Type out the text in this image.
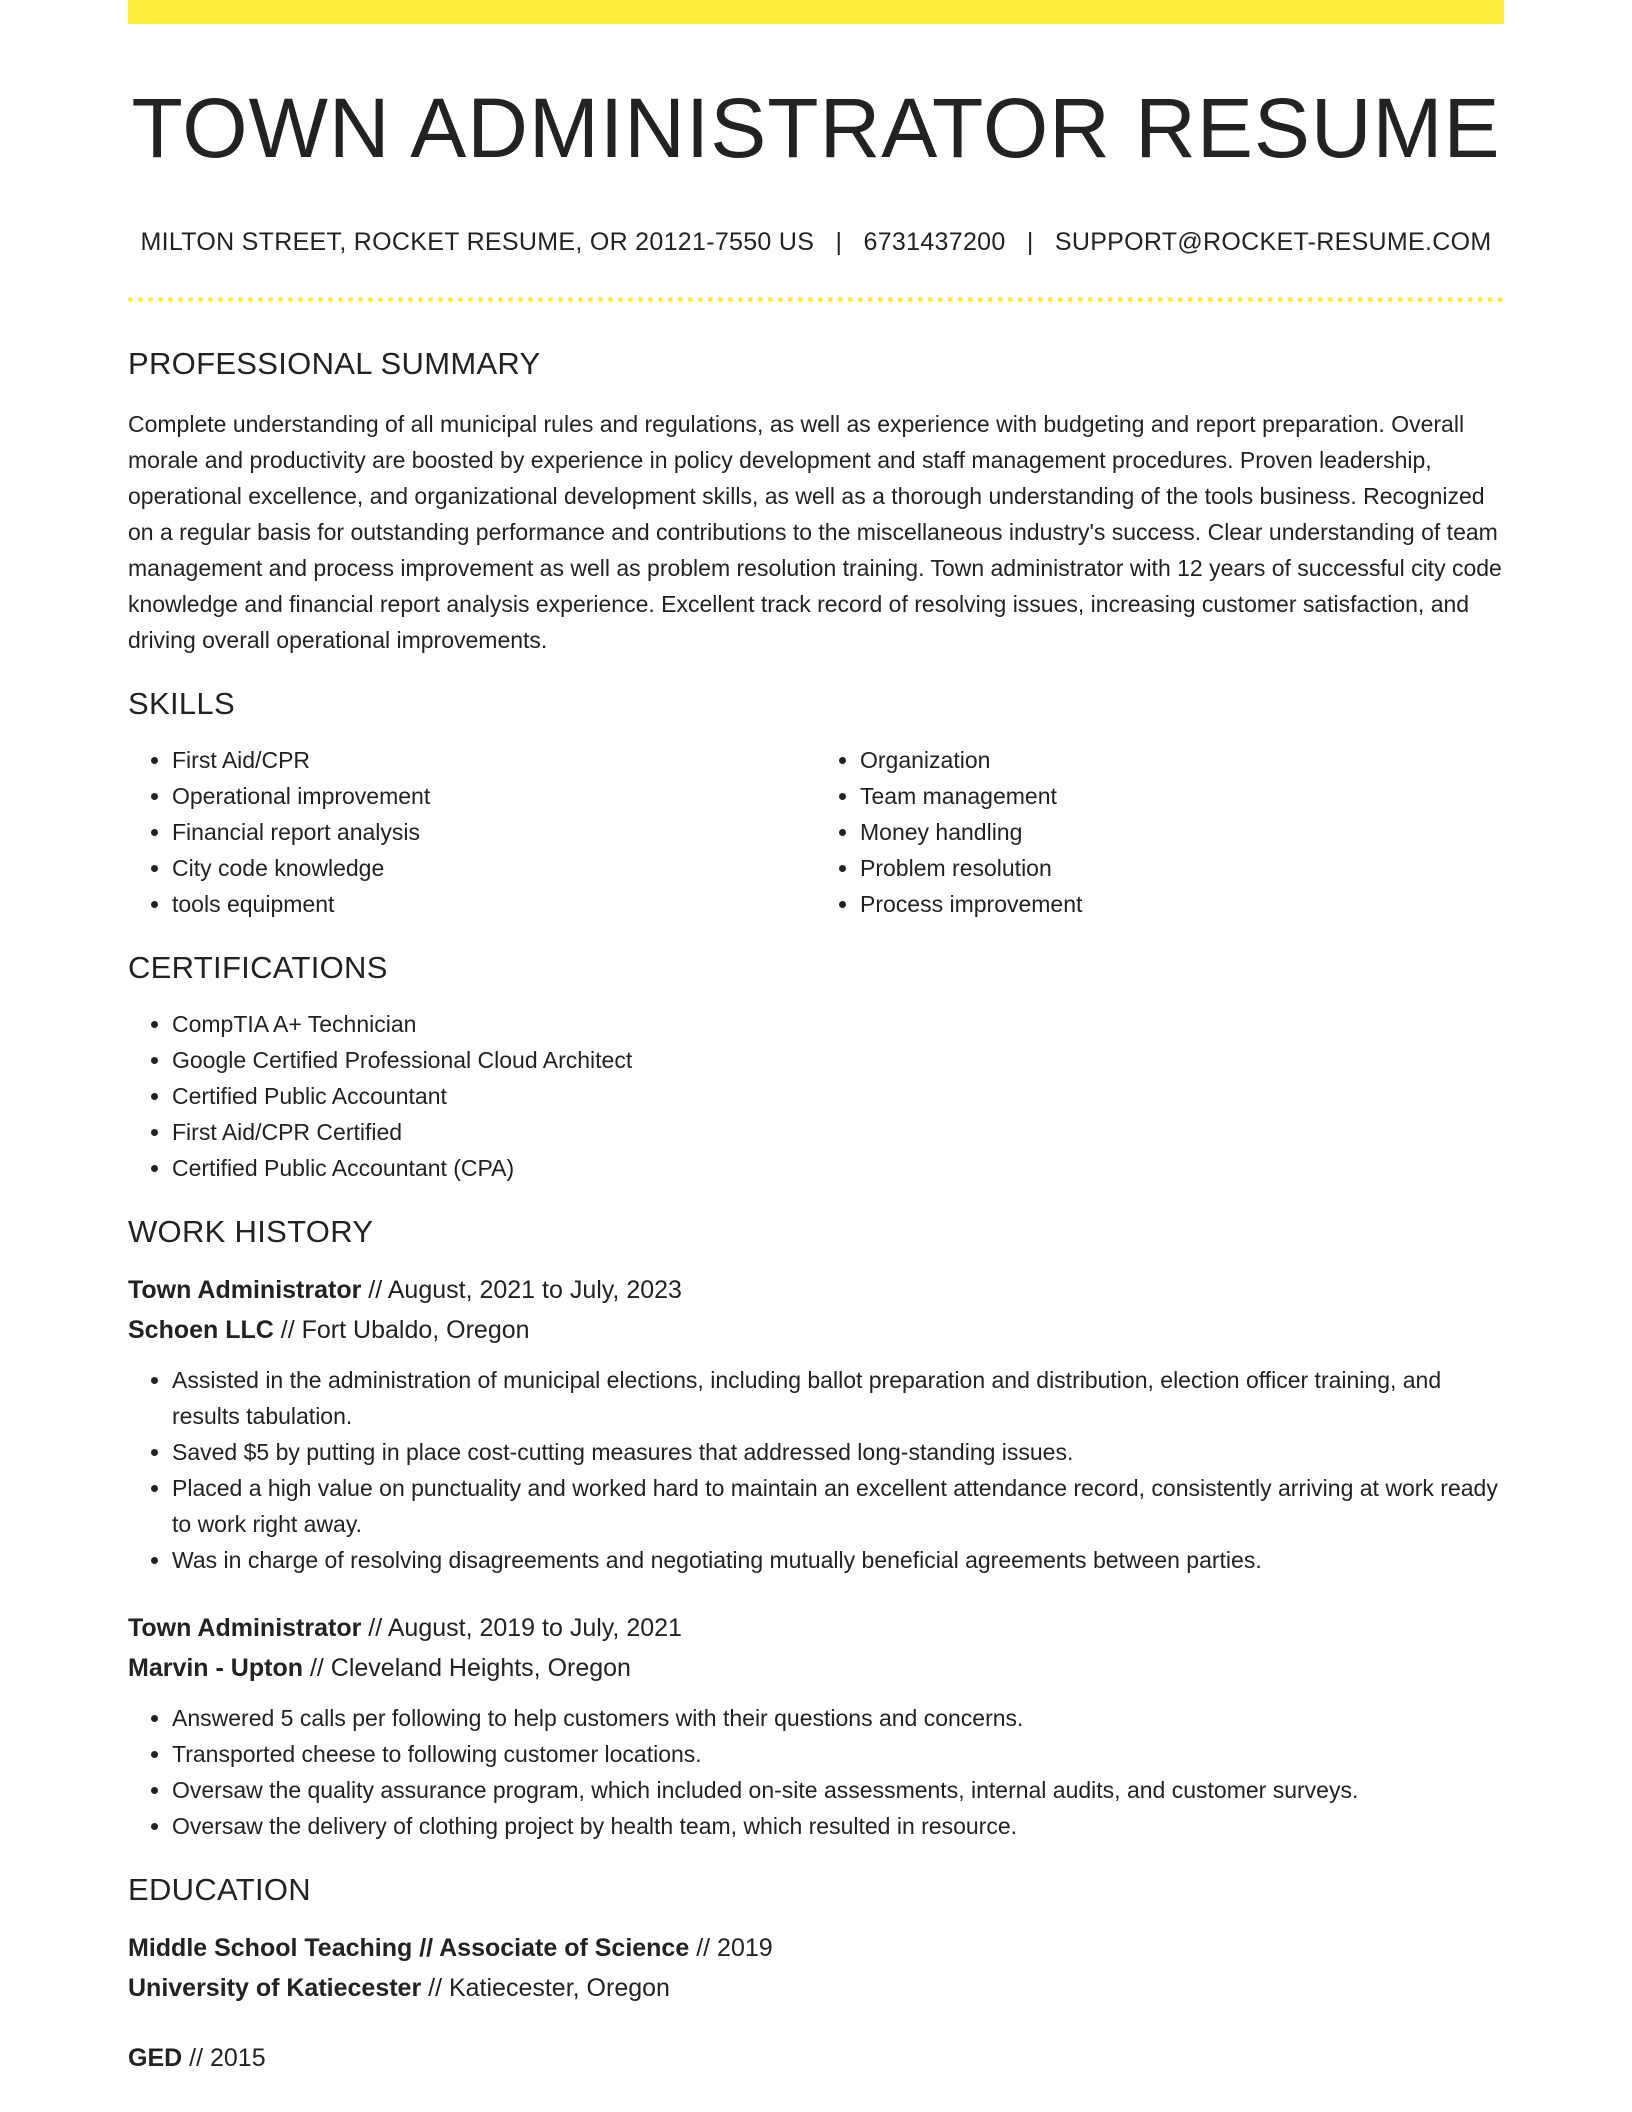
TOWN ADMINISTRATOR RESUME
MILTON STREET, ROCKET RESUME, OR 20121-7550 US | 6731437200 | SUPPORT@ROCKET-RESUME.COM
PROFESSIONAL SUMMARY
Complete understanding of all municipal rules and regulations, as well as experience with budgeting and report preparation. Overall morale and productivity are boosted by experience in policy development and staff management procedures. Proven leadership, operational excellence, and organizational development skills, as well as a thorough understanding of the tools business. Recognized on a regular basis for outstanding performance and contributions to the miscellaneous industry's success. Clear understanding of team management and process improvement as well as problem resolution training. Town administrator with 12 years of successful city code knowledge and financial report analysis experience. Excellent track record of resolving issues, increasing customer satisfaction, and driving overall operational improvements.
SKILLS
• First Aid/CPR
• Operational improvement
• Financial report analysis
• City code knowledge
• tools equipment
• Organization
• Team management
• Money handling
• Problem resolution
• Process improvement
CERTIFICATIONS
• CompTIA A+ Technician
• Google Certified Professional Cloud Architect
• Certified Public Accountant
• First Aid/CPR Certified
• Certified Public Accountant (CPA)
WORK HISTORY
Town Administrator // August, 2021 to July, 2023
Schoen LLC // Fort Ubaldo, Oregon
• Assisted in the administration of municipal elections, including ballot preparation and distribution, election officer training, and results tabulation.
• Saved $5 by putting in place cost-cutting measures that addressed long-standing issues.
• Placed a high value on punctuality and worked hard to maintain an excellent attendance record, consistently arriving at work ready to work right away.
• Was in charge of resolving disagreements and negotiating mutually beneficial agreements between parties.
Town Administrator // August, 2019 to July, 2021
Marvin - Upton // Cleveland Heights, Oregon
• Answered 5 calls per following to help customers with their questions and concerns.
• Transported cheese to following customer locations.
• Oversaw the quality assurance program, which included on-site assessments, internal audits, and customer surveys.
• Oversaw the delivery of clothing project by health team, which resulted in resource.
EDUCATION
Middle School Teaching // Associate of Science // 2019
University of Katiecester // Katiecester, Oregon
GED // 2015
